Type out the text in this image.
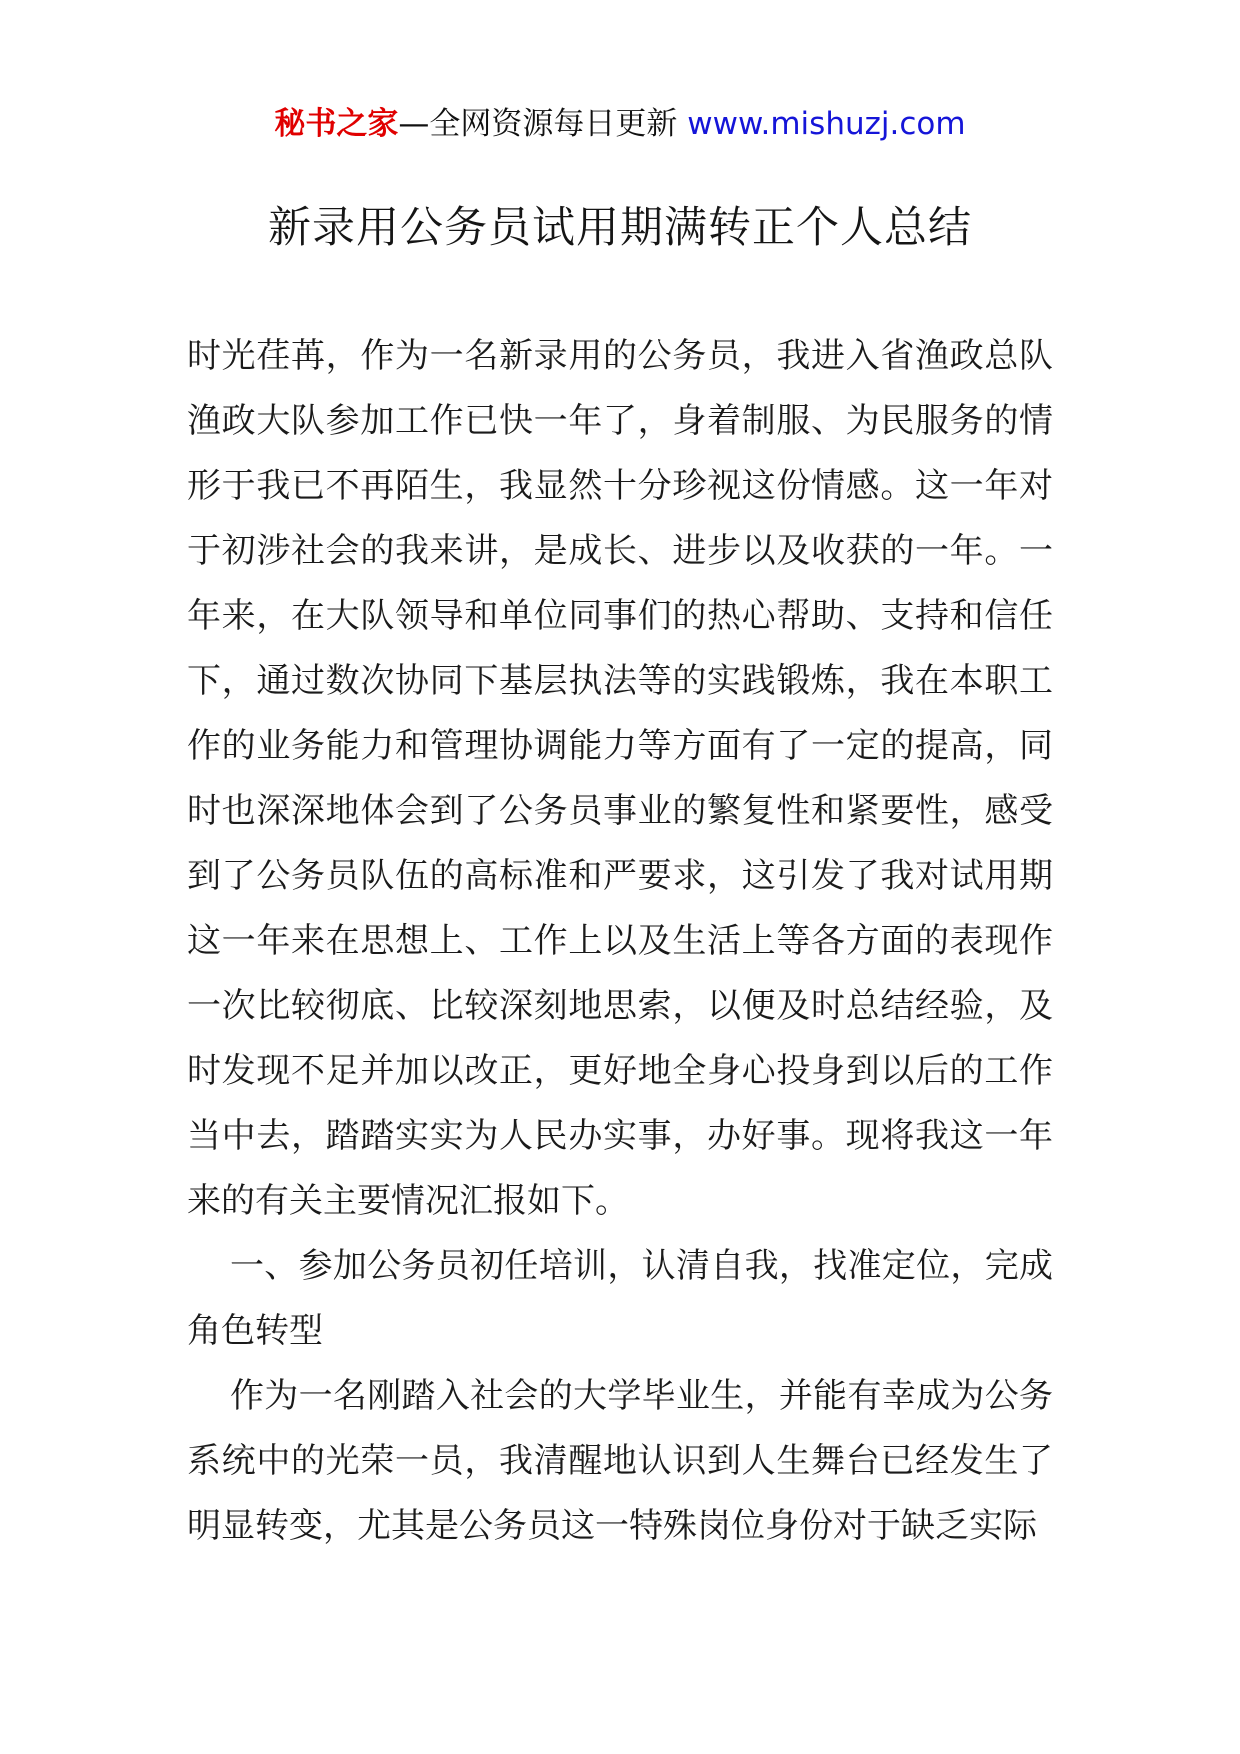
秘书之家—全网资源每日更新 www.mishuzj.com
新录用公务员试用期满转正个人总结

时光荏苒，作为一名新录用的公务员，我进入省渔政总队渔政大队参加工作已快一年了，身着制服、为民服务的情形于我已不再陌生，我显然十分珍视这份情感。这一年对于初涉社会的我来讲，是成长、进步以及收获的一年。一年来，在大队领导和单位同事们的热心帮助、支持和信任下，通过数次协同下基层执法等的实践锻炼，我在本职工作的业务能力和管理协调能力等方面有了一定的提高，同时也深深地体会到了公务员事业的繁复性和紧要性，感受到了公务员队伍的高标准和严要求，这引发了我对试用期这一年来在思想上、工作上以及生活上等各方面的表现作一次比较彻底、比较深刻地思索，以便及时总结经验，及时发现不足并加以改正，更好地全身心投身到以后的工作当中去，踏踏实实为人民办实事，办好事。现将我这一年来的有关主要情况汇报如下。

一、参加公务员初任培训，认清自我，找准定位，完成角色转型

作为一名刚踏入社会的大学毕业生，并能有幸成为公务系统中的光荣一员，我清醒地认识到人生舞台已经发生了明显转变，尤其是公务员这一特殊岗位身份对于缺乏实际
